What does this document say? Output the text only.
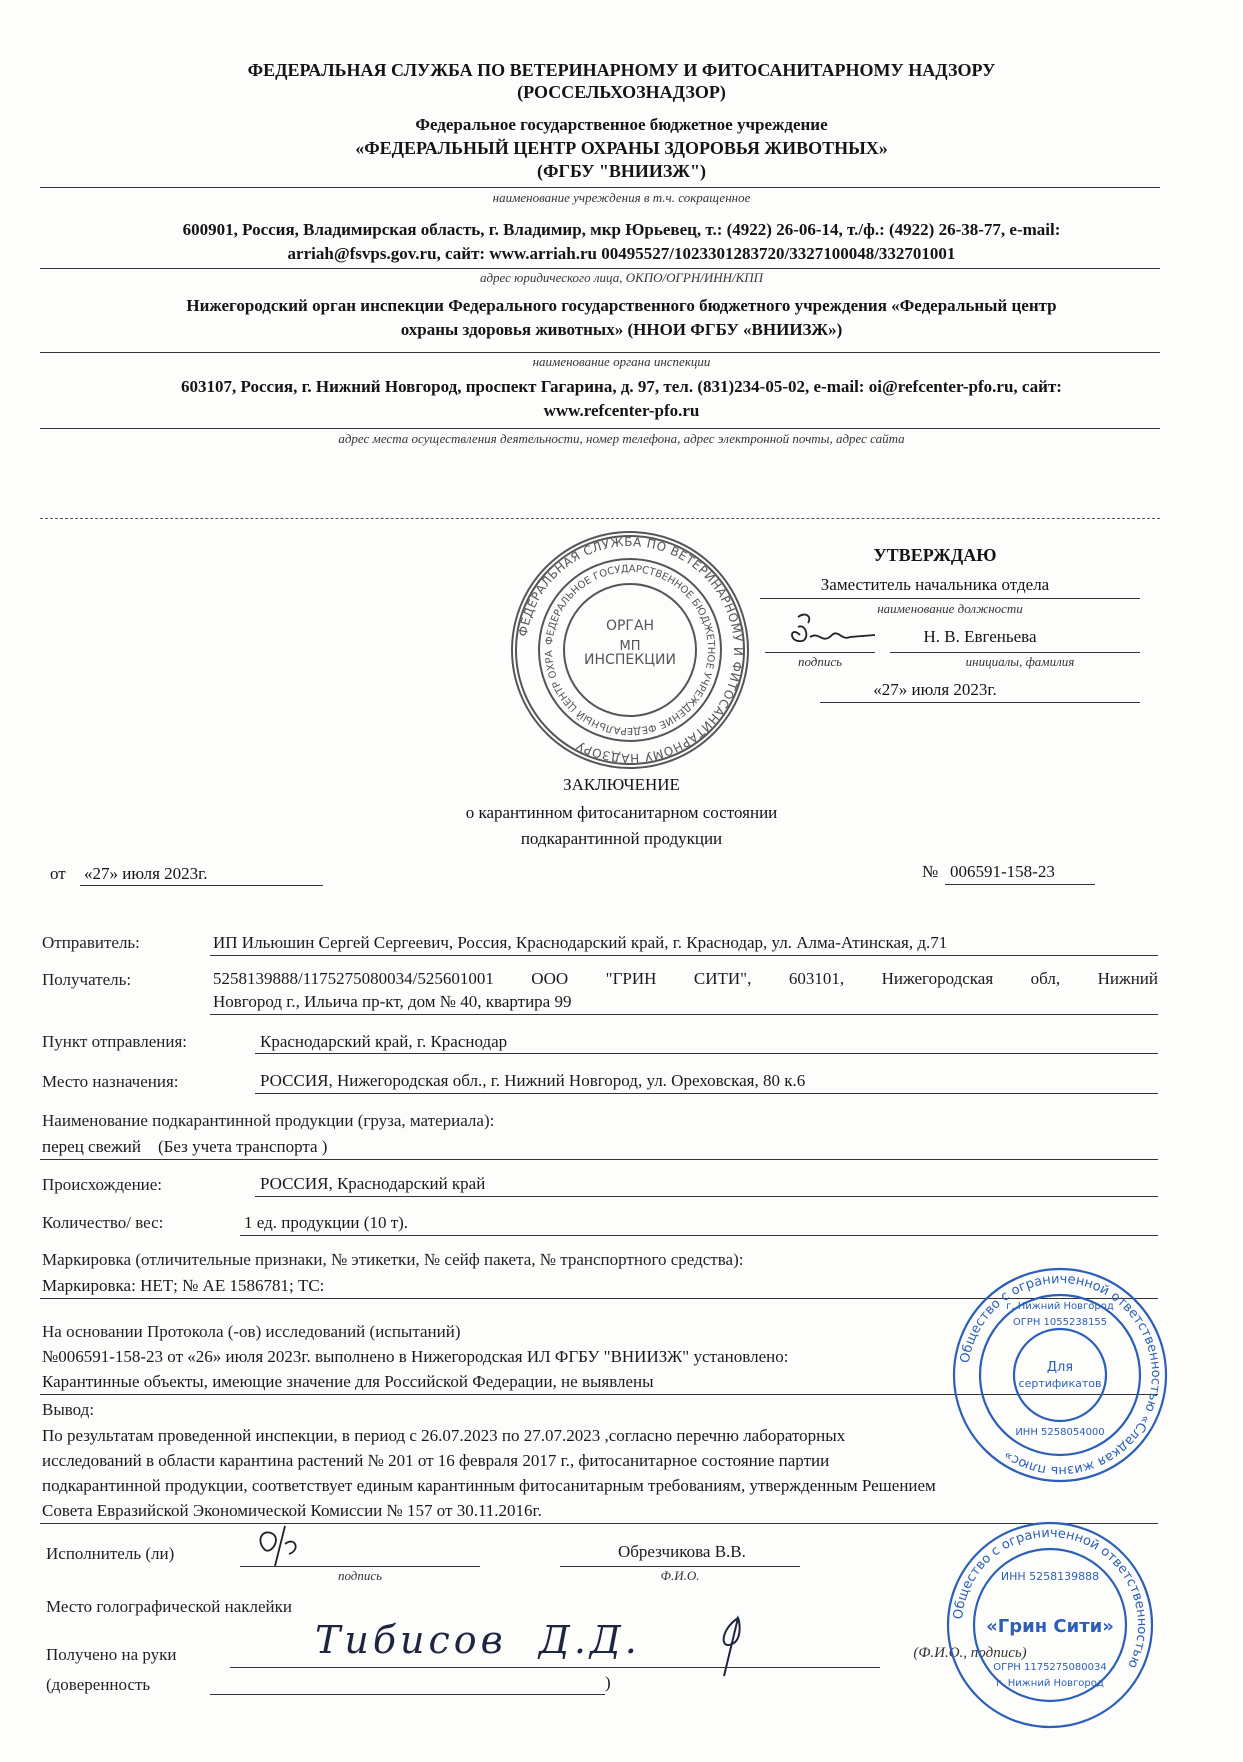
ФЕДЕРАЛЬНАЯ СЛУЖБА ПО ВЕТЕРИНАРНОМУ И ФИТОСАНИТАРНОМУ НАДЗОРУ
(РОССЕЛЬХОЗНАДЗОР)
Федеральное государственное бюджетное учреждение
«ФЕДЕРАЛЬНЫЙ ЦЕНТР ОХРАНЫ ЗДОРОВЬЯ ЖИВОТНЫХ»
(ФГБУ "ВНИИЗЖ")
наименование учреждения в т.ч. сокращенное
600901, Россия, Владимирская область, г. Владимир, мкр Юрьевец, т.: (4922) 26-06-14, т./ф.: (4922) 26-38-77, e-mail:
arriah@fsvps.gov.ru, сайт: www.arriah.ru 00495527/1023301283720/3327100048/332701001
адрес юридического лица, ОКПО/ОГРН/ИНН/КПП
Нижегородский орган инспекции Федерального государственного бюджетного учреждения «Федеральный центр
охраны здоровья животных» (ННОИ ФГБУ «ВНИИЗЖ»)
наименование органа инспекции
603107, Россия, г. Нижний Новгород, проспект Гагарина, д. 97, тел. (831)234-05-02, e-mail: oi@refcenter-pfo.ru, сайт:
www.refcenter-pfo.ru
адрес места осуществления деятельности, номер телефона, адрес электронной почты, адрес сайта
ФЕДЕРАЛЬНАЯ СЛУЖБА ПО ВЕТЕРИНАРНОМУ И ФИТОСАНИТАРНОМУ НАДЗОРУ
ФЕДЕРАЛЬНОЕ ГОСУДАРСТВЕННОЕ БЮДЖЕТНОЕ УЧРЕЖДЕНИЕ ФЕДЕРАЛЬНЫЙ ЦЕНТР ОХРАНЫ ЗДОРОВЬЯ ЖИВОТНЫХ
ОРГАН
МП
ИНСПЕКЦИИ
УТВЕРЖДАЮ
Заместитель начальника отдела
наименование должности
подпись
Н. В. Евгеньева
инициалы, фамилия
«27» июля 2023г.
ЗАКЛЮЧЕНИЕ
о карантинном фитосанитарном состоянии
подкарантинной продукции
от «27» июля 2023г.	№ 006591-158-23
Отправитель:	ИП Ильюшин Сергей Сергеевич, Россия, Краснодарский край, г. Краснодар, ул. Алма-Атинская, д.71
Получатель:	5258139888/1175275080034/525601001 ООО "ГРИН СИТИ", 603101, Нижегородская обл, Нижний
Новгород г., Ильича пр-кт, дом № 40, квартира 99
Пункт отправления:	Краснодарский край, г. Краснодар
Место назначения:	РОССИЯ, Нижегородская обл., г. Нижний Новгород, ул. Ореховская, 80 к.6
Наименование подкарантинной продукции (груза, материала):
перец свежий    (Без учета транспорта )
Происхождение:	РОССИЯ, Краснодарский край
Количество/ вес:	1 ед. продукции (10 т).
Маркировка (отличительные признаки, № этикетки, № сейф пакета, № транспортного средства):
Маркировка: НЕТ; № АЕ 1586781; ТС:
На основании Протокола (-ов) исследований (испытаний)
№006591-158-23 от «26» июля 2023г. выполнено в Нижегородская ИЛ ФГБУ "ВНИИЗЖ" установлено:
Карантинные объекты, имеющие значение для Российской Федерации, не выявлены
Вывод:
По результатам проведенной инспекции, в период с 26.07.2023 по 27.07.2023 ,согласно перечню лабораторных
исследований в области карантина растений № 201 от 16 февраля 2017 г., фитосанитарное состояние партии
подкарантинной продукции, соответствует единым карантинным фитосанитарным требованиям, утвержденным Решением
Совета Евразийской Экономической Комиссии № 157 от 30.11.2016г.
Исполнитель (ли)
подпись
Обрезчикова В.В.
Ф.И.О.
Место голографической наклейки
Получено на руки	Тибисов  Д.Д.	(Ф.И.О., подпись)
(доверенность	)
Общество с ограниченной ответственностью «Сладкая жизнь плюс»
г. Нижний Новгород
ОГРН 1055238155
ИНН 5258054000
Для
сертификатов
Общество с ограниченной ответственностью
ИНН 5258139888
«Грин Сити»
ОГРН 1175275080034
г. Нижний Новгород
